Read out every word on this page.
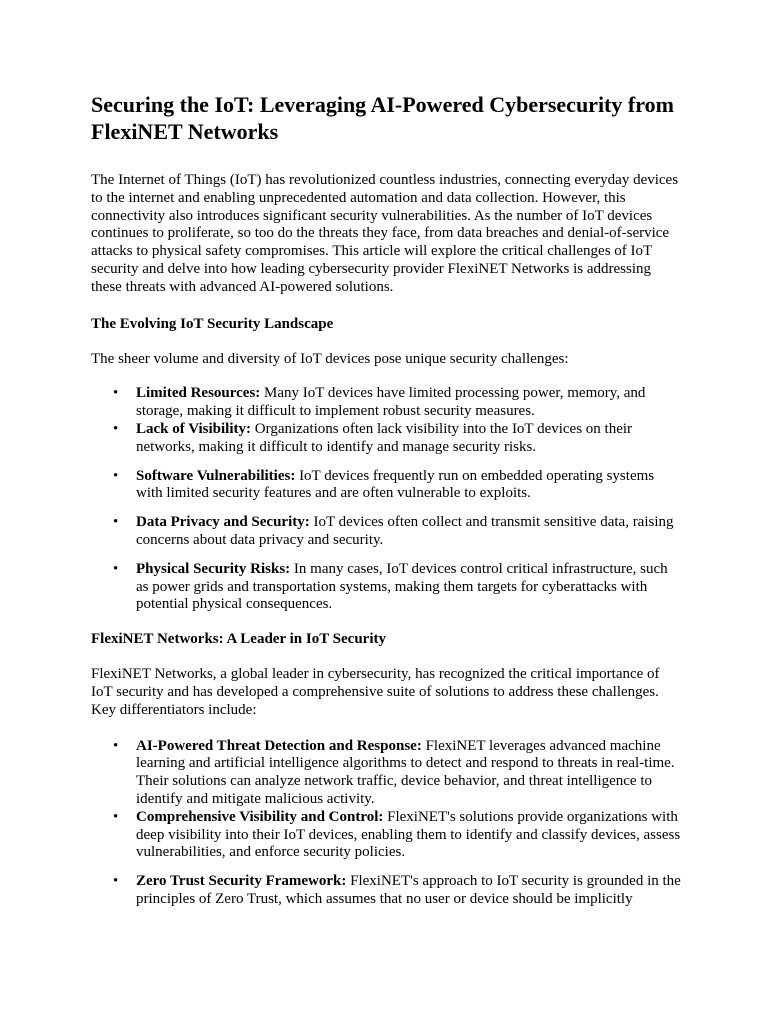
Securing the IoT: Leveraging AI-Powered Cybersecurity from FlexiNET Networks

The Internet of Things (IoT) has revolutionized countless industries, connecting everyday devices to the internet and enabling unprecedented automation and data collection. However, this connectivity also introduces significant security vulnerabilities. As the number of IoT devices continues to proliferate, so too do the threats they face, from data breaches and denial-of-service attacks to physical safety compromises. This article will explore the critical challenges of IoT security and delve into how leading cybersecurity provider FlexiNET Networks is addressing these threats with advanced AI-powered solutions.

The Evolving IoT Security Landscape

The sheer volume and diversity of IoT devices pose unique security challenges:

• Limited Resources: Many IoT devices have limited processing power, memory, and storage, making it difficult to implement robust security measures.
• Lack of Visibility: Organizations often lack visibility into the IoT devices on their networks, making it difficult to identify and manage security risks.
• Software Vulnerabilities: IoT devices frequently run on embedded operating systems with limited security features and are often vulnerable to exploits.
• Data Privacy and Security: IoT devices often collect and transmit sensitive data, raising concerns about data privacy and security.
• Physical Security Risks: In many cases, IoT devices control critical infrastructure, such as power grids and transportation systems, making them targets for cyberattacks with potential physical consequences.
FlexiNET Networks: A Leader in IoT Security

FlexiNET Networks, a global leader in cybersecurity, has recognized the critical importance of IoT security and has developed a comprehensive suite of solutions to address these challenges. Key differentiators include:

• AI-Powered Threat Detection and Response: FlexiNET leverages advanced machine learning and artificial intelligence algorithms to detect and respond to threats in real-time. Their solutions can analyze network traffic, device behavior, and threat intelligence to identify and mitigate malicious activity.
• Comprehensive Visibility and Control: FlexiNET's solutions provide organizations with deep visibility into their IoT devices, enabling them to identify and classify devices, assess vulnerabilities, and enforce security policies.
• Zero Trust Security Framework: FlexiNET's approach to IoT security is grounded in the principles of Zero Trust, which assumes that no user or device should be implicitly
